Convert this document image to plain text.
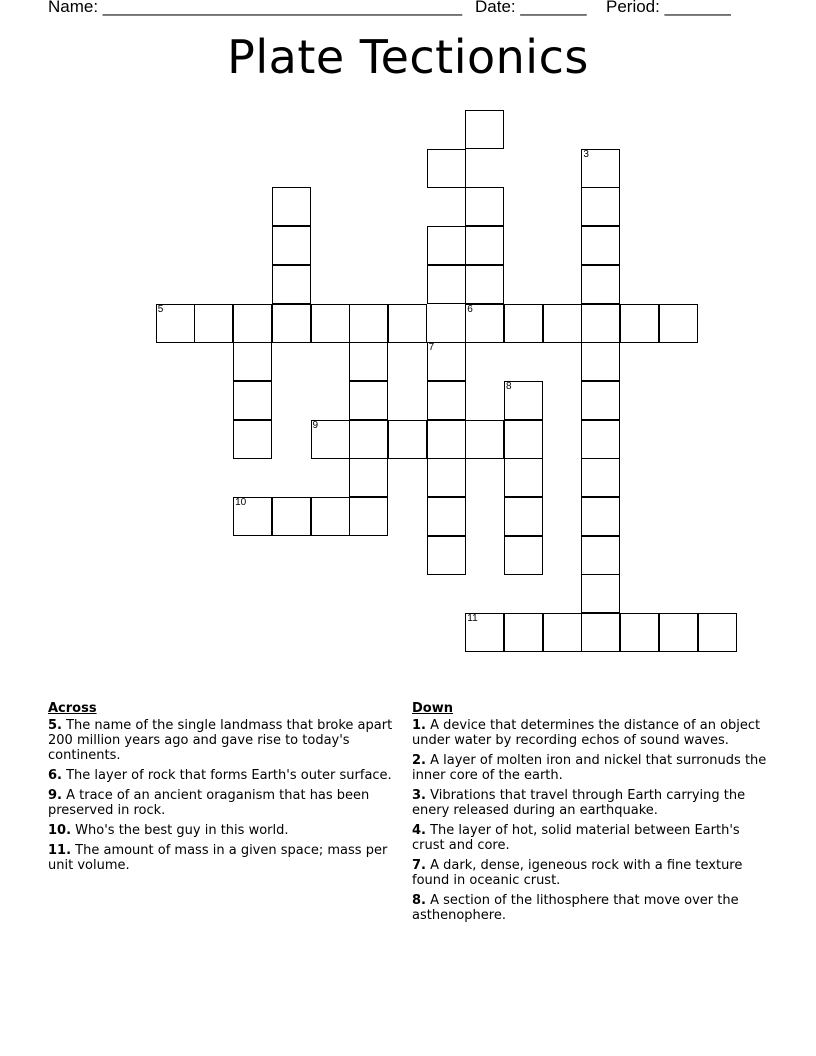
Name: ______________________________________ Date: _______ Period: _______
Plate Tectionics
3
5	6
7
8
9
10
11
Across
5. The name of the single landmass that broke apart 200 million years ago and gave rise to today's continents.
6. The layer of rock that forms Earth's outer surface.
9. A trace of an ancient oraganism that has been preserved in rock.
10. Who's the best guy in this world.
11. The amount of mass in a given space; mass per unit volume.
Down
1. A device that determines the distance of an object under water by recording echos of sound waves.
2. A layer of molten iron and nickel that surronuds the inner core of the earth.
3. Vibrations that travel through Earth carrying the enery released during an earthquake.
4. The layer of hot, solid material between Earth's crust and core.
7. A dark, dense, igeneous rock with a fine texture found in oceanic crust.
8. A section of the lithosphere that move over the asthenophere.
